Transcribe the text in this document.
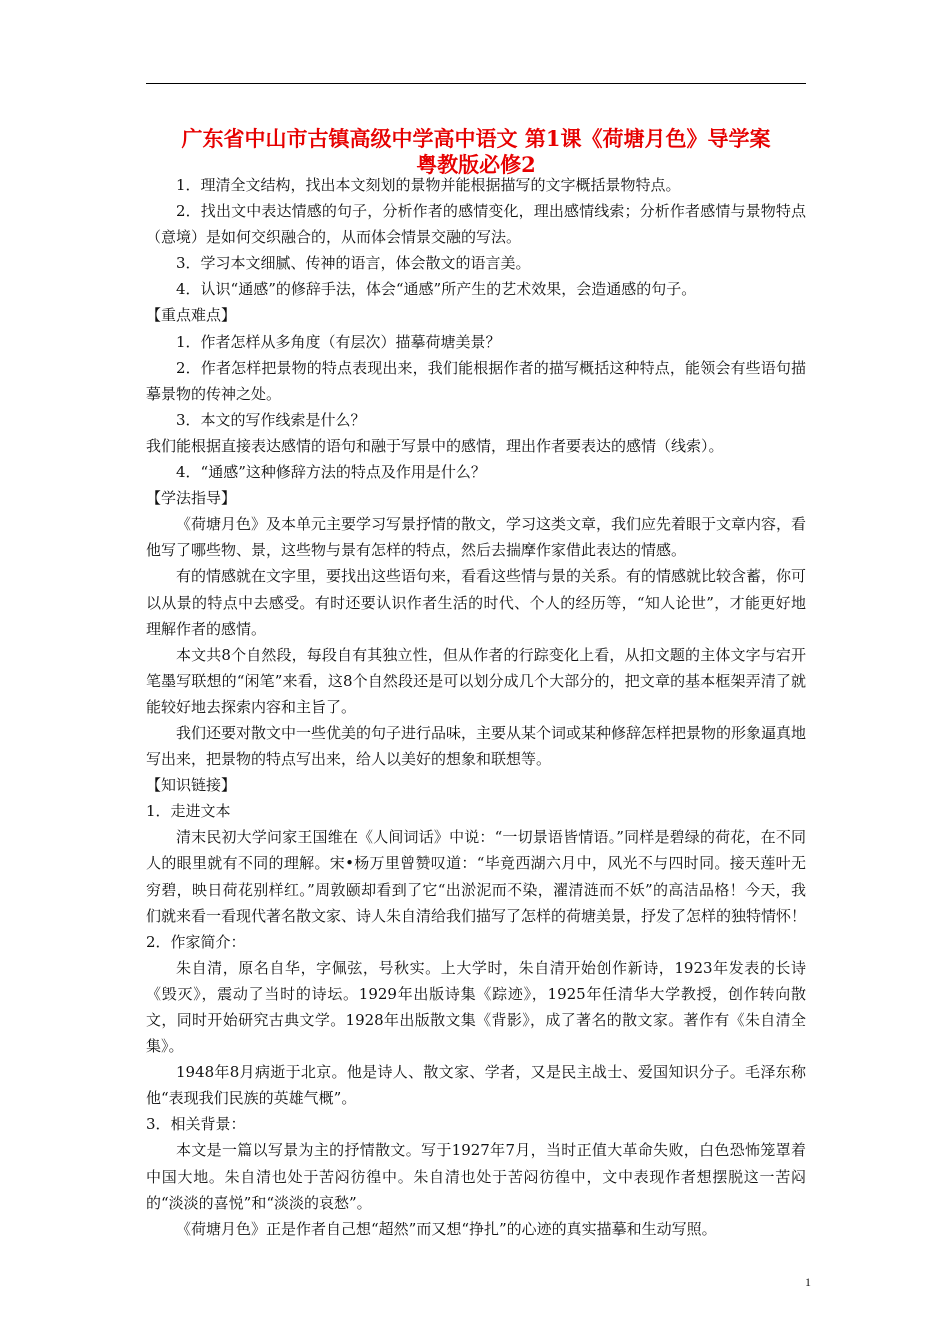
广东省中山市古镇高级中学高中语文 第1课《荷塘月色》导学案
粤教版必修2

1．理清全文结构，找出本文刻划的景物并能根据描写的文字概括景物特点。

2．找出文中表达情感的句子，分析作者的感情变化，理出感情线索；分析作者感情与景物特点（意境）是如何交织融合的，从而体会情景交融的写法。

3．学习本文细腻、传神的语言，体会散文的语言美。

4．认识“通感”的修辞手法，体会“通感”所产生的艺术效果，会造通感的句子。

【重点难点】

1．作者怎样从多角度（有层次）描摹荷塘美景？

2．作者怎样把景物的特点表现出来，我们能根据作者的描写概括这种特点，能领会有些语句描摹景物的传神之处。

3．本文的写作线索是什么？

我们能根据直接表达感情的语句和融于写景中的感情，理出作者要表达的感情（线索）。

4．“通感”这种修辞方法的特点及作用是什么？

【学法指导】

《荷塘月色》及本单元主要学习写景抒情的散文，学习这类文章，我们应先着眼于文章内容，看他写了哪些物、景，这些物与景有怎样的特点，然后去揣摩作家借此表达的情感。

有的情感就在文字里，要找出这些语句来，看看这些情与景的关系。有的情感就比较含蓄，你可以从景的特点中去感受。有时还要认识作者生活的时代、个人的经历等，“知人论世”，才能更好地理解作者的感情。

本文共8个自然段，每段自有其独立性，但从作者的行踪变化上看，从扣文题的主体文字与宕开笔墨写联想的“闲笔”来看，这8个自然段还是可以划分成几个大部分的，把文章的基本框架弄清了就能较好地去探索内容和主旨了。

我们还要对散文中一些优美的句子进行品味，主要从某个词或某种修辞怎样把景物的形象逼真地写出来，把景物的特点写出来，给人以美好的想象和联想等。

【知识链接】

1．走进文本

清末民初大学问家王国维在《人间词话》中说：“一切景语皆情语。”同样是碧绿的荷花，在不同人的眼里就有不同的理解。宋•杨万里曾赞叹道：“毕竟西湖六月中，风光不与四时同。接天莲叶无穷碧，映日荷花别样红。”周敦颐却看到了它“出淤泥而不染，濯清涟而不妖”的高洁品格！今天，我们就来看一看现代著名散文家、诗人朱自清给我们描写了怎样的荷塘美景，抒发了怎样的独特情怀！

2．作家简介：

朱自清，原名自华，字佩弦，号秋实。上大学时，朱自清开始创作新诗，1923年发表的长诗《毁灭》，震动了当时的诗坛。1929年出版诗集《踪迹》，1925年任清华大学教授，创作转向散文，同时开始研究古典文学。1928年出版散文集《背影》，成了著名的散文家。著作有《朱自清全集》。

1948年8月病逝于北京。他是诗人、散文家、学者，又是民主战士、爱国知识分子。毛泽东称他“表现我们民族的英雄气概”。

3．相关背景：

本文是一篇以写景为主的抒情散文。写于1927年7月，当时正值大革命失败，白色恐怖笼罩着中国大地。朱自清也处于苦闷彷徨中。朱自清也处于苦闷彷徨中，文中表现作者想摆脱这一苦闷的“淡淡的喜悦”和“淡淡的哀愁”。

《荷塘月色》正是作者自己想“超然”而又想“挣扎”的心迹的真实描摹和生动写照。

1
